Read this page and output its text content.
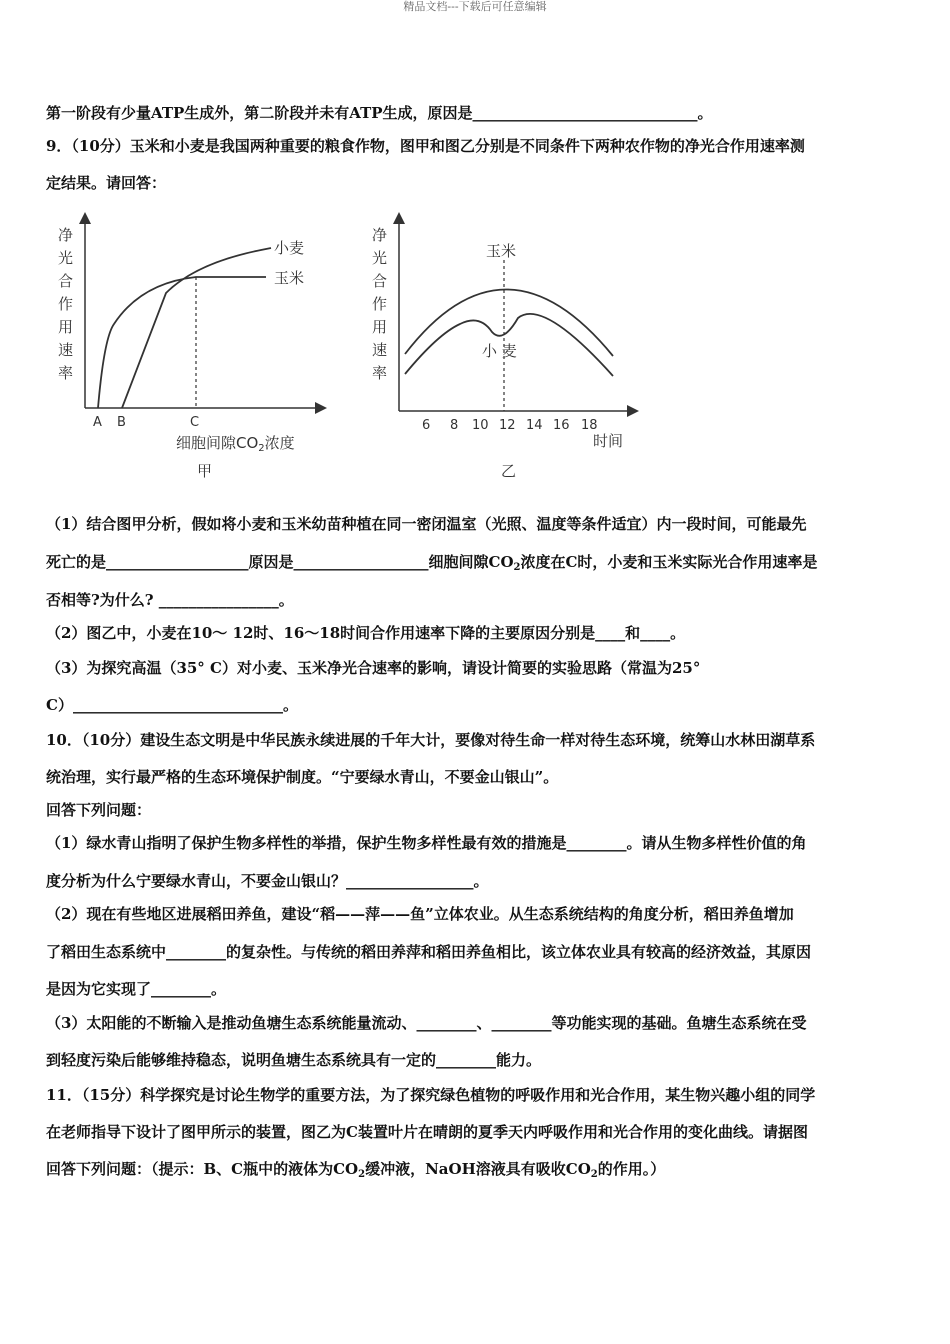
精品文档---下载后可任意编辑
第一阶段有少量ATP生成外，第二阶段并未有ATP生成，原因是______________________________。
9．（10分）玉米和小麦是我国两种重要的粮食作物，图甲和图乙分别是不同条件下两种农作物的净光合作用速率测
定结果。请回答：
净
光
合
作
用
速
率
小麦
玉米
A B	C
细胞间隙$CO_2$浓度
甲
净
光
合
作
用
速
率
玉米
小 麦
6 8 10 12 14 16 18
时间
乙
（1）结合图甲分析，假如将小麦和玉米幼苗种植在同一密闭温室（光照、温度等条件适宜）内一段时间，可能最先
死亡的是___________________原因是__________________细胞间隙$CO_2$浓度在C时，小麦和玉米实际光合作用速率是
否相等?为什么? ________________。
（2）图乙中，小麦在10～ 12时、16～18时间合作用速率下降的主要原因分别是____和____。
（3）为探究高温（35° C）对小麦、玉米净光合速率的影响，请设计简要的实验思路（常温为25°
C）____________________________。
10．（10分）建设生态文明是中华民族永续进展的千年大计，要像对待生命一样对待生态环境，统筹山水林田湖草系
统治理，实行最严格的生态环境保护制度。“宁要绿水青山，不要金山银山”。
回答下列问题：
（1）绿水青山指明了保护生物多样性的举措，保护生物多样性最有效的措施是________。请从生物多样性价值的角
度分析为什么宁要绿水青山，不要金山银山？_________________。
（2）现在有些地区进展稻田养鱼，建设“稻——萍——鱼”立体农业。从生态系统结构的角度分析，稻田养鱼增加
了稻田生态系统中________的复杂性。与传统的稻田养萍和稻田养鱼相比，该立体农业具有较高的经济效益，其原因
是因为它实现了________。
（3）太阳能的不断输入是推动鱼塘生态系统能量流动、________、________等功能实现的基础。鱼塘生态系统在受
到轻度污染后能够维持稳态，说明鱼塘生态系统具有一定的________能力。
11．（15分）科学探究是讨论生物学的重要方法，为了探究绿色植物的呼吸作用和光合作用，某生物兴趣小组的同学
在老师指导下设计了图甲所示的装置，图乙为C装置叶片在晴朗的夏季天内呼吸作用和光合作用的变化曲线。请据图
回答下列问题：（提示：B、C瓶中的液体为$CO_2$缓冲液，NaOH溶液具有吸收$CO_2$的作用。）
